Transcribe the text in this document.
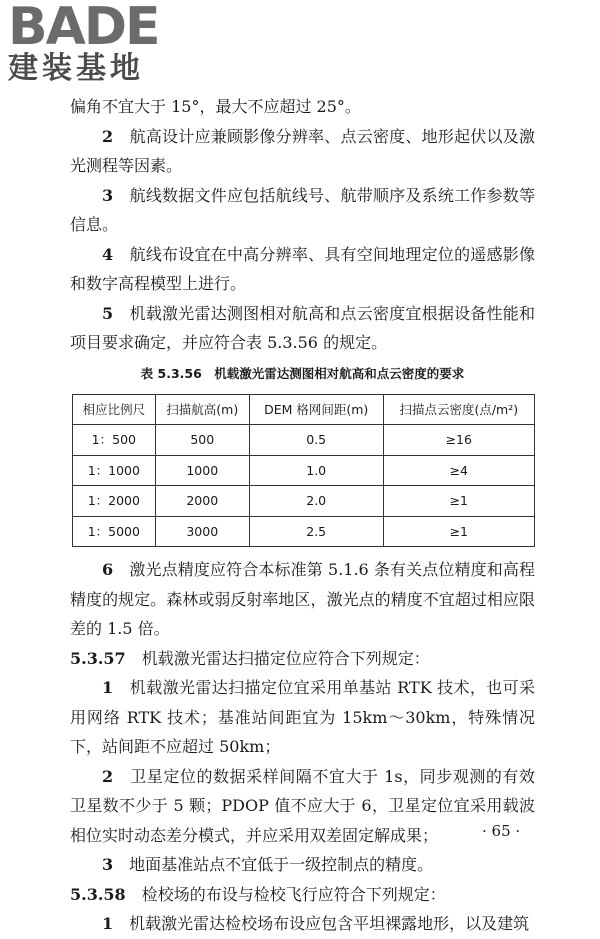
BADE
建装基地

偏角不宜大于 15°，最大不应超过 25°。

2　 航高设计应兼顾影像分辨率、点云密度、地形起伏以及激光测程等因素。

3　 航线数据文件应包括航线号、航带顺序及系统工作参数等信息。

4　 航线布设宜在中高分辨率、具有空间地理定位的遥感影像和数字高程模型上进行。

5　 机载激光雷达测图相对航高和点云密度宜根据设备性能和项目要求确定，并应符合表 5.3.56 的规定。

表 5.3.56　机载激光雷达测图相对航高和点云密度的要求
相应比例尺	扫描航高(m)	DEM 格网间距(m)	扫描点云密度(点/m²)
1：500	500	0.5	≥16
1：1000	1000	1.0	≥4
1：2000	2000	2.0	≥1
1：5000	3000	2.5	≥1

6　 激光点精度应符合本标准第 5.1.6 条有关点位精度和高程精度的规定。森林或弱反射率地区，激光点的精度不宜超过相应限差的 1.5 倍。

5.3.57　 机载激光雷达扫描定位应符合下列规定：

1　 机载激光雷达扫描定位宜采用单基站 RTK 技术，也可采用网络 RTK 技术；基准站间距宜为 15km～30km，特殊情况下，站间距不应超过 50km；

2　 卫星定位的数据采样间隔不宜大于 1s，同步观测的有效卫星数不少于 5 颗；PDOP 值不应大于 6，卫星定位宜采用载波相位实时动态差分模式，并应采用双差固定解成果；

3　 地面基准站点不宜低于一级控制点的精度。

5.3.58　 检校场的布设与检校飞行应符合下列规定：

1　 机载激光雷达检校场布设应包含平坦裸露地形，以及建筑

· 65 ·
